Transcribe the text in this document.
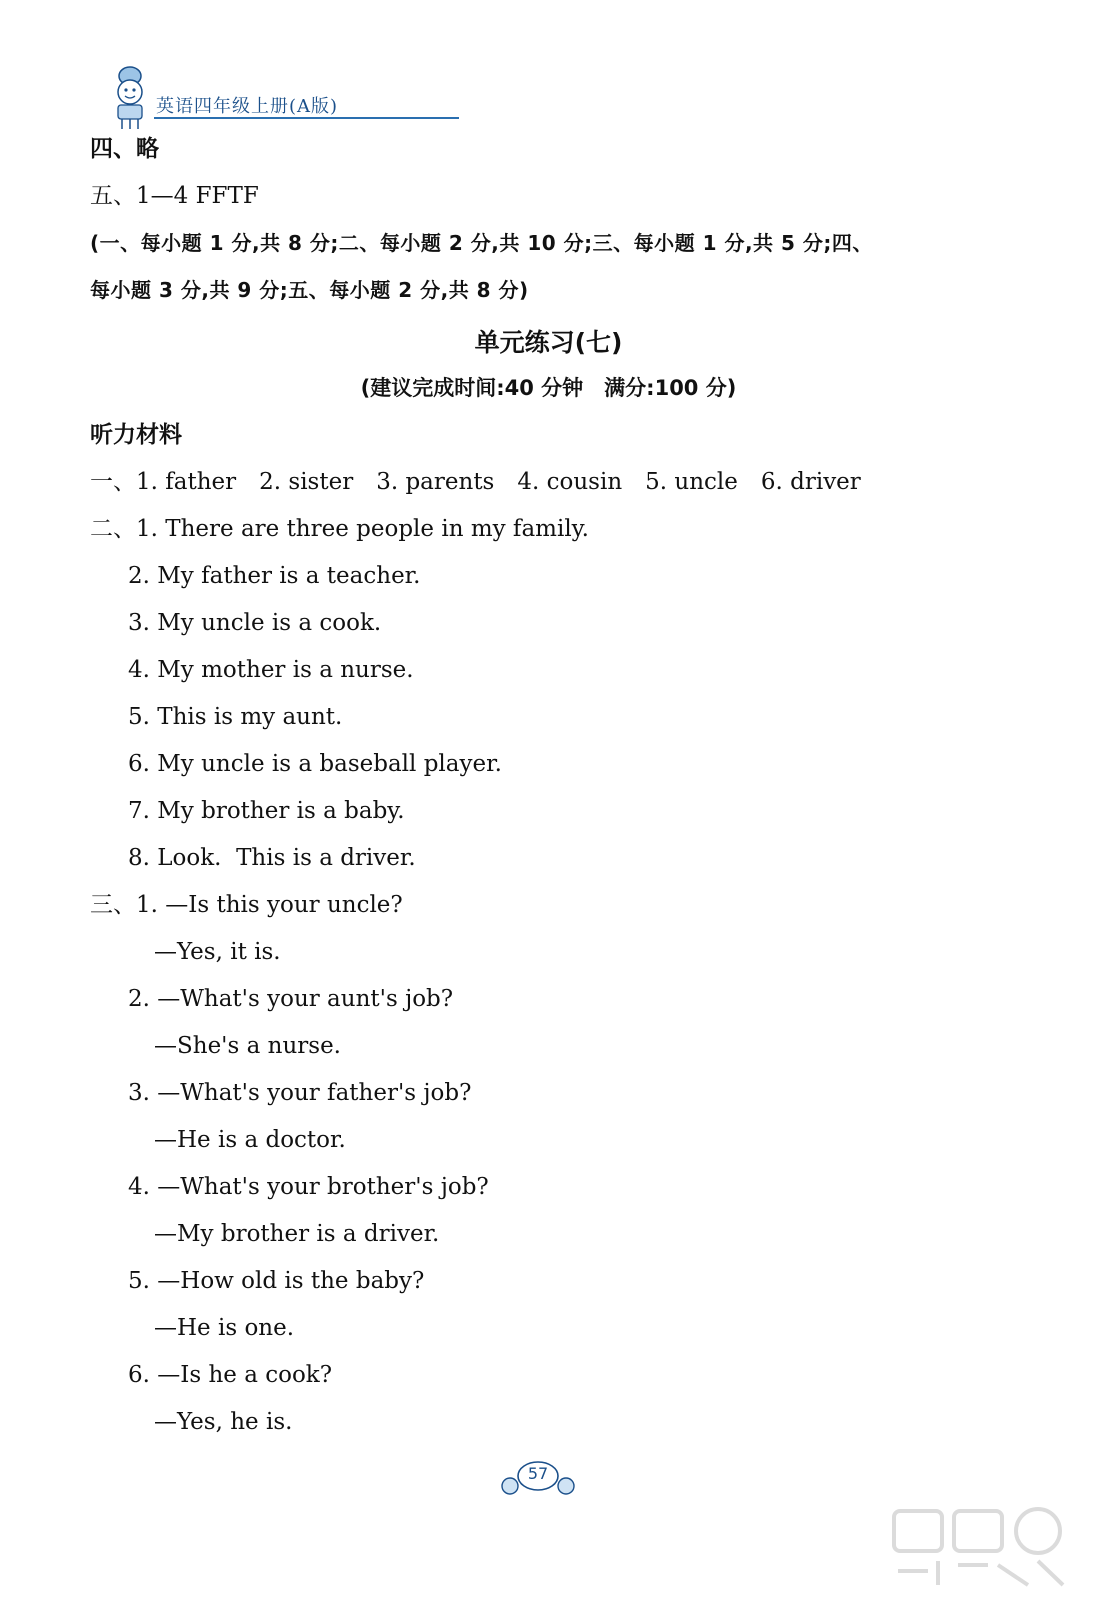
英语四年级上册(A版)
四、略
五、1—4 FFTF
(一、每小题 1 分,共 8 分;二、每小题 2 分,共 10 分;三、每小题 1 分,共 5 分;四、
每小题 3 分,共 9 分;五、每小题 2 分,共 8 分)
单元练习(七)
(建议完成时间:40 分钟　满分:100 分)
听力材料
一、1. father　2. sister　3. parents　4. cousin　5. uncle　6. driver
二、1. There are three people in my family.
2. My father is a teacher.
3. My uncle is a cook.
4. My mother is a nurse.
5. This is my aunt.
6. My uncle is a baseball player.
7. My brother is a baby.
8. Look.  This is a driver.
三、1. —Is this your uncle?
—Yes, it is.
2. —What's your aunt's job?
—She's a nurse.
3. —What's your father's job?
—He is a doctor.
4. —What's your brother's job?
—My brother is a driver.
5. —How old is the baby?
—He is one.
6. —Is he a cook?
—Yes, he is.
57
